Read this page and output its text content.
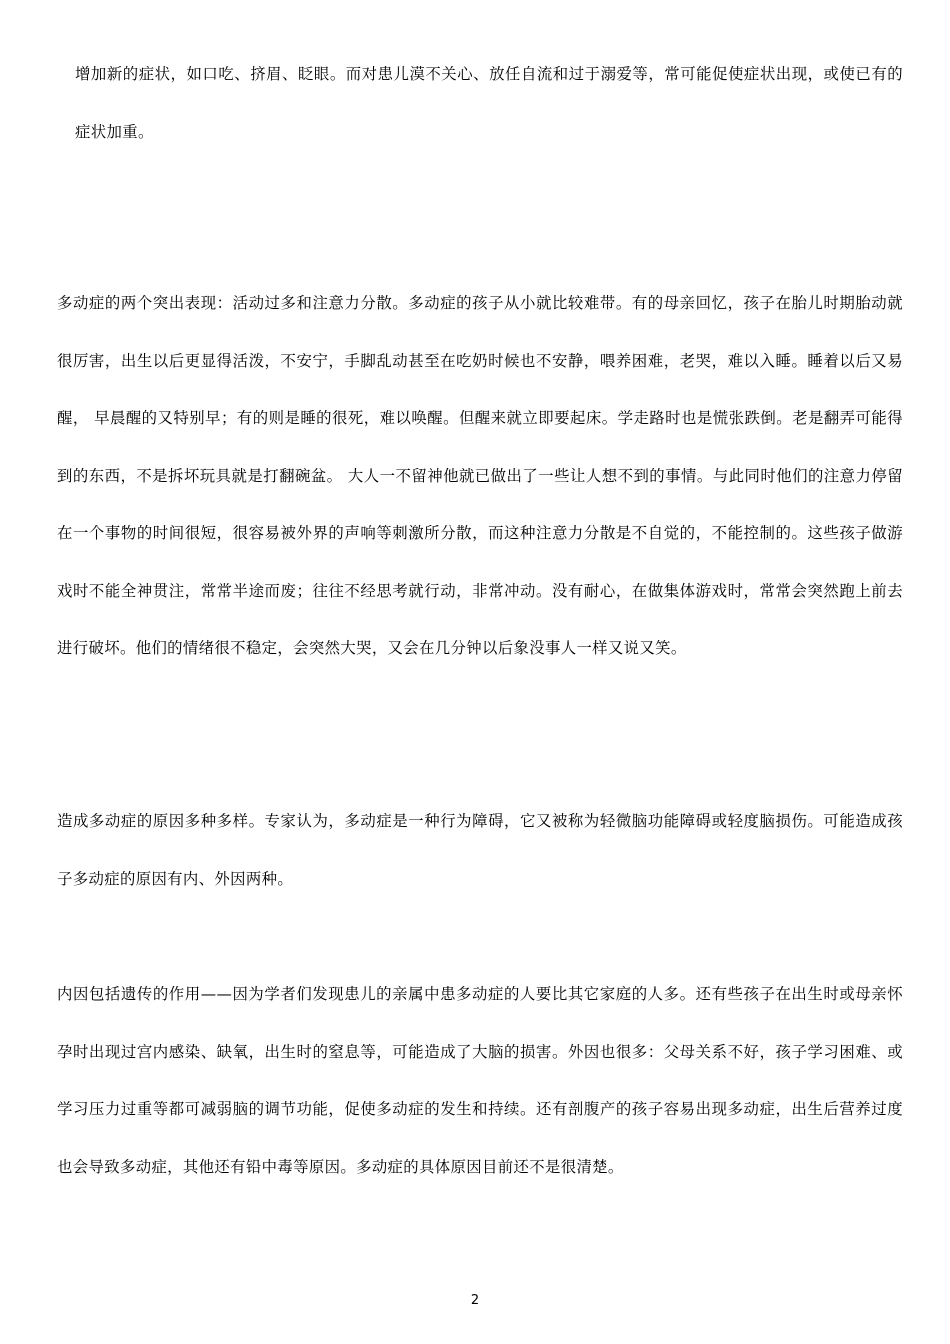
增加新的症状，如口吃、挤眉、眨眼。而对患儿漠不关心、放任自流和过于溺爱等，常可能促使症状出现，或使已有的症状加重。

多动症的两个突出表现：活动过多和注意力分散。多动症的孩子从小就比较难带。有的母亲回忆，孩子在胎儿时期胎动就很厉害，出生以后更显得活泼，不安宁，手脚乱动甚至在吃奶时候也不安静，喂养困难，老哭，难以入睡。睡着以后又易醒， 早晨醒的又特别早；有的则是睡的很死，难以唤醒。但醒来就立即要起床。学走路时也是慌张跌倒。老是翻弄可能得到的东西，不是拆坏玩具就是打翻碗盆。 大人一不留神他就已做出了一些让人想不到的事情。与此同时他们的注意力停留在一个事物的时间很短，很容易被外界的声响等刺激所分散，而这种注意力分散是不自觉的，不能控制的。这些孩子做游戏时不能全神贯注，常常半途而废；往往不经思考就行动，非常冲动。没有耐心，在做集体游戏时，常常会突然跑上前去进行破坏。他们的情绪很不稳定，会突然大哭，又会在几分钟以后象没事人一样又说又笑。

造成多动症的原因多种多样。专家认为，多动症是一种行为障碍，它又被称为轻微脑功能障碍或轻度脑损伤。可能造成孩子多动症的原因有内、外因两种。

内因包括遗传的作用——因为学者们发现患儿的亲属中患多动症的人要比其它家庭的人多。还有些孩子在出生时或母亲怀孕时出现过宫内感染、缺氧，出生时的窒息等，可能造成了大脑的损害。外因也很多：父母关系不好，孩子学习困难、或学习压力过重等都可减弱脑的调节功能，促使多动症的发生和持续。还有剖腹产的孩子容易出现多动症，出生后营养过度也会导致多动症，其他还有铅中毒等原因。多动症的具体原因目前还不是很清楚。

2
